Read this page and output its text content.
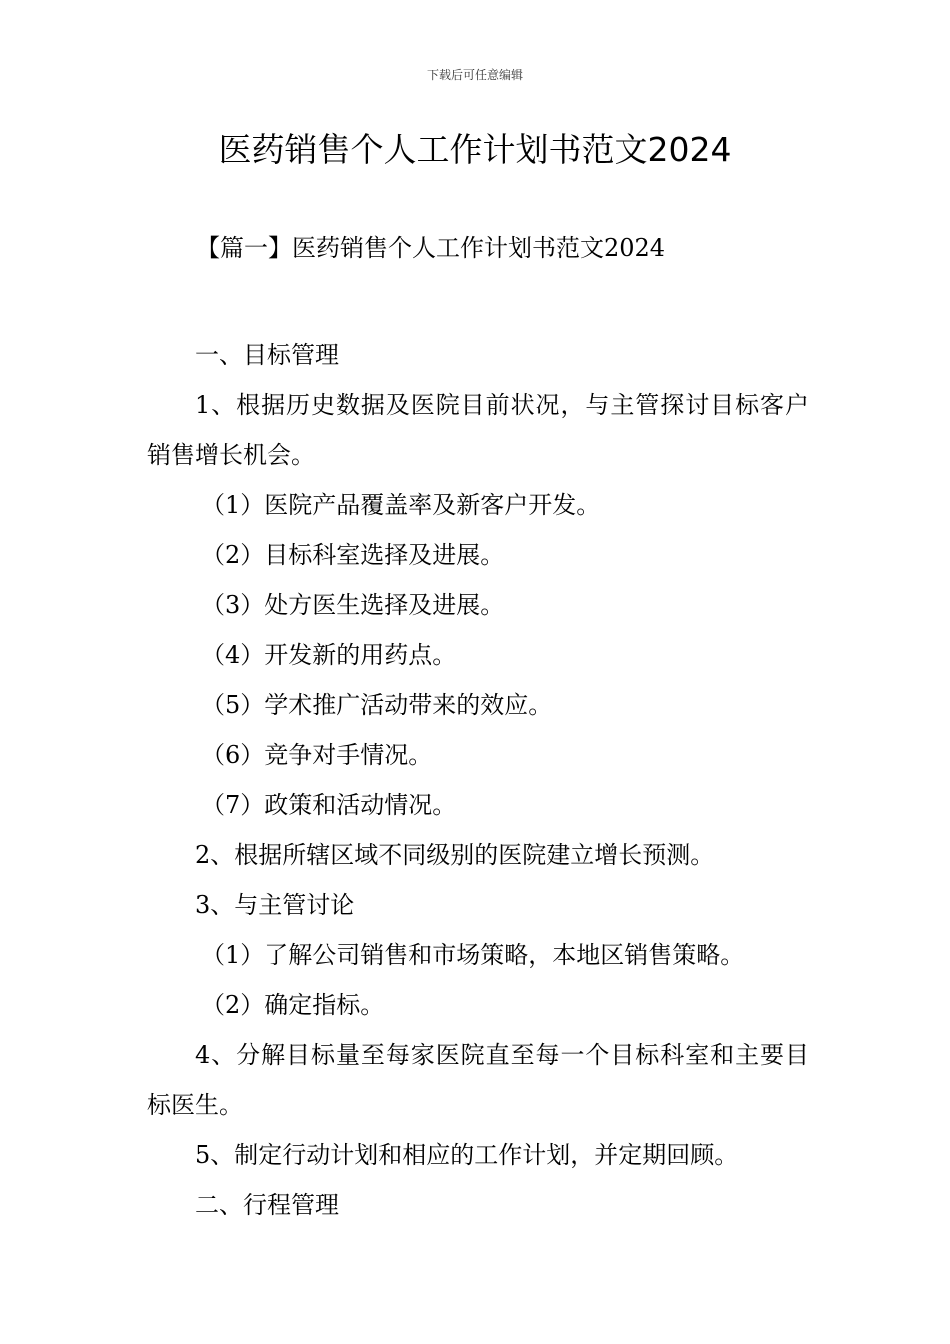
下载后可任意编辑
医药销售个人工作计划书范文2024
【篇一】医药销售个人工作计划书范文2024

一、目标管理

1、根据历史数据及医院目前状况，与主管探讨目标客户销售增长机会。

（1）医院产品覆盖率及新客户开发。

（2）目标科室选择及进展。

（3）处方医生选择及进展。

（4）开发新的用药点。

（5）学术推广活动带来的效应。

（6）竞争对手情况。

（7）政策和活动情况。

2、根据所辖区域不同级别的医院建立增长预测。

3、与主管讨论

（1）了解公司销售和市场策略，本地区销售策略。

（2）确定指标。

4、分解目标量至每家医院直至每一个目标科室和主要目标医生。

5、制定行动计划和相应的工作计划，并定期回顾。

二、行程管理
